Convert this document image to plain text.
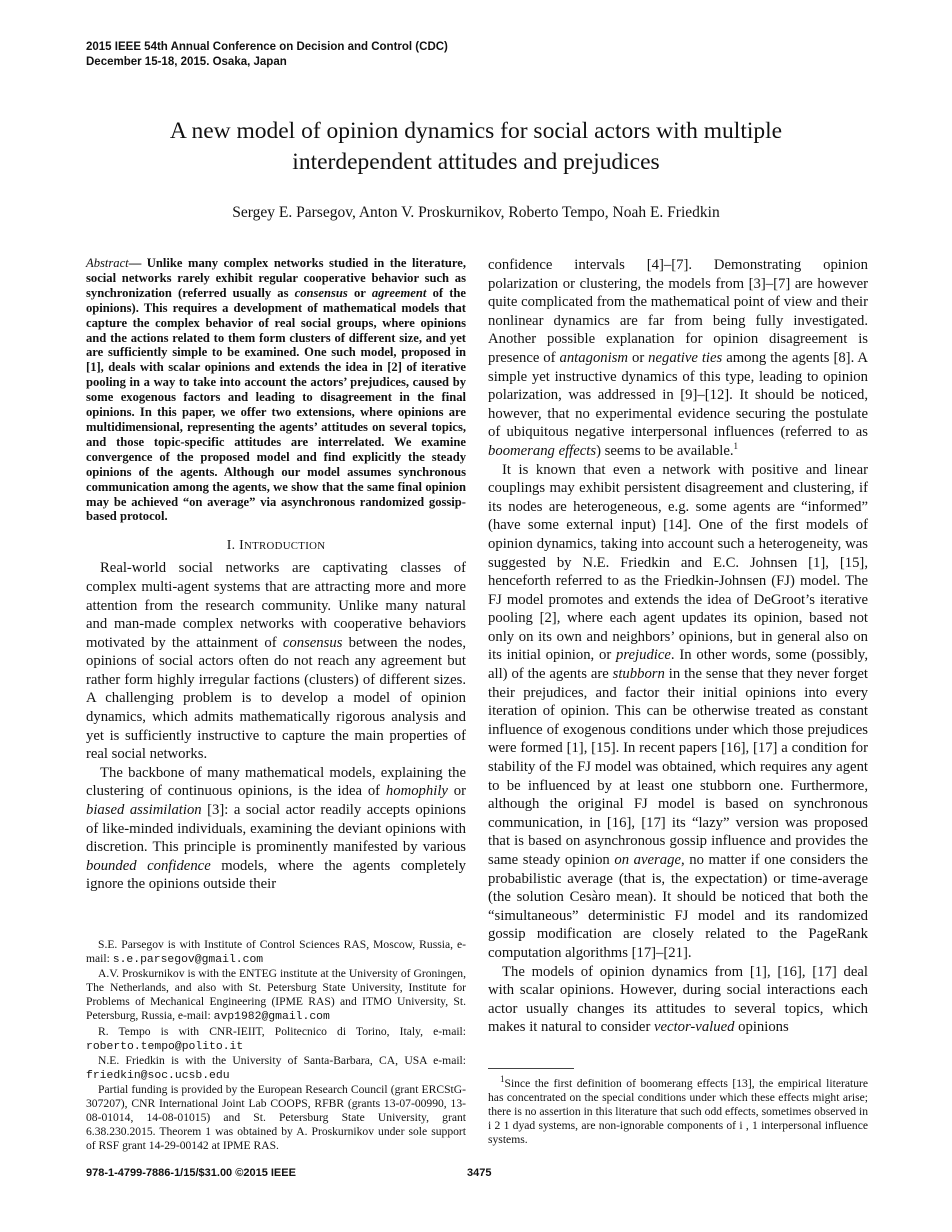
2015 IEEE 54th Annual Conference on Decision and Control (CDC)
December 15-18, 2015. Osaka, Japan
A new model of opinion dynamics for social actors with multiple
interdependent attitudes and prejudices
Sergey E. Parsegov, Anton V. Proskurnikov, Roberto Tempo, Noah E. Friedkin

Abstract— Unlike many complex networks studied in the literature, social networks rarely exhibit regular cooperative behavior such as synchronization (referred usually as consensus or agreement of the opinions). This requires a development of mathematical models that capture the complex behavior of real social groups, where opinions and the actions related to them form clusters of different size, and yet are sufficiently simple to be examined. One such model, proposed in [1], deals with scalar opinions and extends the idea in [2] of iterative pooling in a way to take into account the actors’ prejudices, caused by some exogenous factors and leading to disagreement in the final opinions. In this paper, we offer two extensions, where opinions are multidimensional, representing the agents’ attitudes on several topics, and those topic-specific attitudes are interrelated. We examine convergence of the proposed model and find explicitly the steady opinions of the agents. Although our model assumes synchronous communication among the agents, we show that the same final opinion may be achieved “on average” via asynchronous randomized gossip-based protocol.

I. INTRODUCTION

Real-world social networks are captivating classes of complex multi-agent systems that are attracting more and more attention from the research community. Unlike many natural and man-made complex networks with cooperative behaviors motivated by the attainment of consensus between the nodes, opinions of social actors often do not reach any agreement but rather form highly irregular factions (clusters) of different sizes. A challenging problem is to develop a model of opinion dynamics, which admits mathematically rigorous analysis and yet is sufficiently instructive to capture the main properties of real social networks.

The backbone of many mathematical models, explaining the clustering of continuous opinions, is the idea of homophily or biased assimilation [3]: a social actor readily accepts opinions of like-minded individuals, examining the deviant opinions with discretion. This principle is prominently manifested by various bounded confidence models, where the agents completely ignore the opinions outside their

S.E. Parsegov is with Institute of Control Sciences RAS, Moscow, Russia, e-mail: s.e.parsegov@gmail.com

A.V. Proskurnikov is with the ENTEG institute at the University of Groningen, The Netherlands, and also with St. Petersburg State University, Institute for Problems of Mechanical Engineering (IPME RAS) and ITMO University, St. Petersburg, Russia, e-mail: avp1982@gmail.com

R. Tempo is with CNR-IEIIT, Politecnico di Torino, Italy, e-mail: roberto.tempo@polito.it

N.E. Friedkin is with the University of Santa-Barbara, CA, USA e-mail: friedkin@soc.ucsb.edu

Partial funding is provided by the European Research Council (grant ERCStG-307207), CNR International Joint Lab COOPS, RFBR (grants 13-07-00990, 13-08-01014, 14-08-01015) and St. Petersburg State University, grant 6.38.230.2015. Theorem 1 was obtained by A. Proskurnikov under sole support of RSF grant 14-29-00142 at IPME RAS.

confidence intervals [4]–[7]. Demonstrating opinion polarization or clustering, the models from [3]–[7] are however quite complicated from the mathematical point of view and their nonlinear dynamics are far from being fully investigated. Another possible explanation for opinion disagreement is presence of antagonism or negative ties among the agents [8]. A simple yet instructive dynamics of this type, leading to opinion polarization, was addressed in [9]–[12]. It should be noticed, however, that no experimental evidence securing the postulate of ubiquitous negative interpersonal influences (referred to as boomerang effects) seems to be available.$^1$

It is known that even a network with positive and linear couplings may exhibit persistent disagreement and clustering, if its nodes are heterogeneous, e.g. some agents are “informed” (have some external input) [14]. One of the first models of opinion dynamics, taking into account such a heterogeneity, was suggested by N.E. Friedkin and E.C. Johnsen [1], [15], henceforth referred to as the Friedkin-Johnsen (FJ) model. The FJ model promotes and extends the idea of DeGroot’s iterative pooling [2], where each agent updates its opinion, based not only on its own and neighbors’ opinions, but in general also on its initial opinion, or prejudice. In other words, some (possibly, all) of the agents are stubborn in the sense that they never forget their prejudices, and factor their initial opinions into every iteration of opinion. This can be otherwise treated as constant influence of exogenous conditions under which those prejudices were formed [1], [15]. In recent papers [16], [17] a condition for stability of the FJ model was obtained, which requires any agent to be influenced by at least one stubborn one. Furthermore, although the original FJ model is based on synchronous communication, in [16], [17] its “lazy” version was proposed that is based on asynchronous gossip influence and provides the same steady opinion on average, no matter if one considers the probabilistic average (that is, the expectation) or time-average (the solution Cesàro mean). It should be noticed that both the “simultaneous” deterministic FJ model and its randomized gossip modification are closely related to the PageRank computation algorithms [17]–[21].

The models of opinion dynamics from [1], [16], [17] deal with scalar opinions. However, during social interactions each actor usually changes its attitudes to several topics, which makes it natural to consider vector-valued opinions

$^1$Since the first definition of boomerang effects [13], the empirical literature has concentrated on the special conditions under which these effects might arise; there is no assertion in this literature that such odd effects, sometimes observed in i 2 1 dyad systems, are non-ignorable components of i , 1 interpersonal influence systems.

978-1-4799-7886-1/15/$31.00 ©2015 IEEE	3475
